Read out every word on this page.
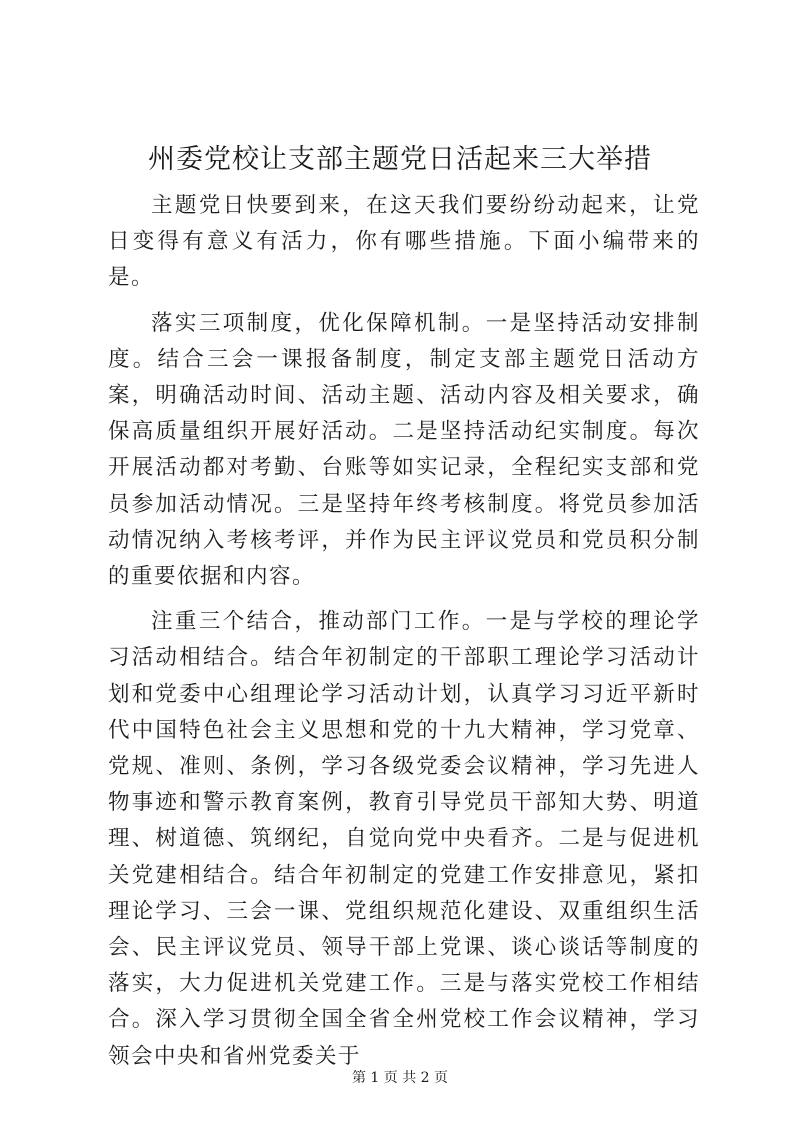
州委党校让支部主题党日活起来三大举措

主题党日快要到来，在这天我们要纷纷动起来，让党日变得有意义有活力，你有哪些措施。下面小编带来的是。

落实三项制度，优化保障机制。一是坚持活动安排制度。结合三会一课报备制度，制定支部主题党日活动方案，明确活动时间、活动主题、活动内容及相关要求，确保高质量组织开展好活动。二是坚持活动纪实制度。每次开展活动都对考勤、台账等如实记录，全程纪实支部和党员参加活动情况。三是坚持年终考核制度。将党员参加活动情况纳入考核考评，并作为民主评议党员和党员积分制的重要依据和内容。

注重三个结合，推动部门工作。一是与学校的理论学习活动相结合。结合年初制定的干部职工理论学习活动计划和党委中心组理论学习活动计划，认真学习习近平新时代中国特色社会主义思想和党的十九大精神，学习党章、党规、准则、条例，学习各级党委会议精神，学习先进人物事迹和警示教育案例，教育引导党员干部知大势、明道理、树道德、筑纲纪，自觉向党中央看齐。二是与促进机关党建相结合。结合年初制定的党建工作安排意见，紧扣理论学习、三会一课、党组织规范化建设、双重组织生活会、民主评议党员、领导干部上党课、谈心谈话等制度的落实，大力促进机关党建工作。三是与落实党校工作相结合。深入学习贯彻全国全省全州党校工作会议精神，学习领会中央和省州党委关于

第 1 页 共 2 页
